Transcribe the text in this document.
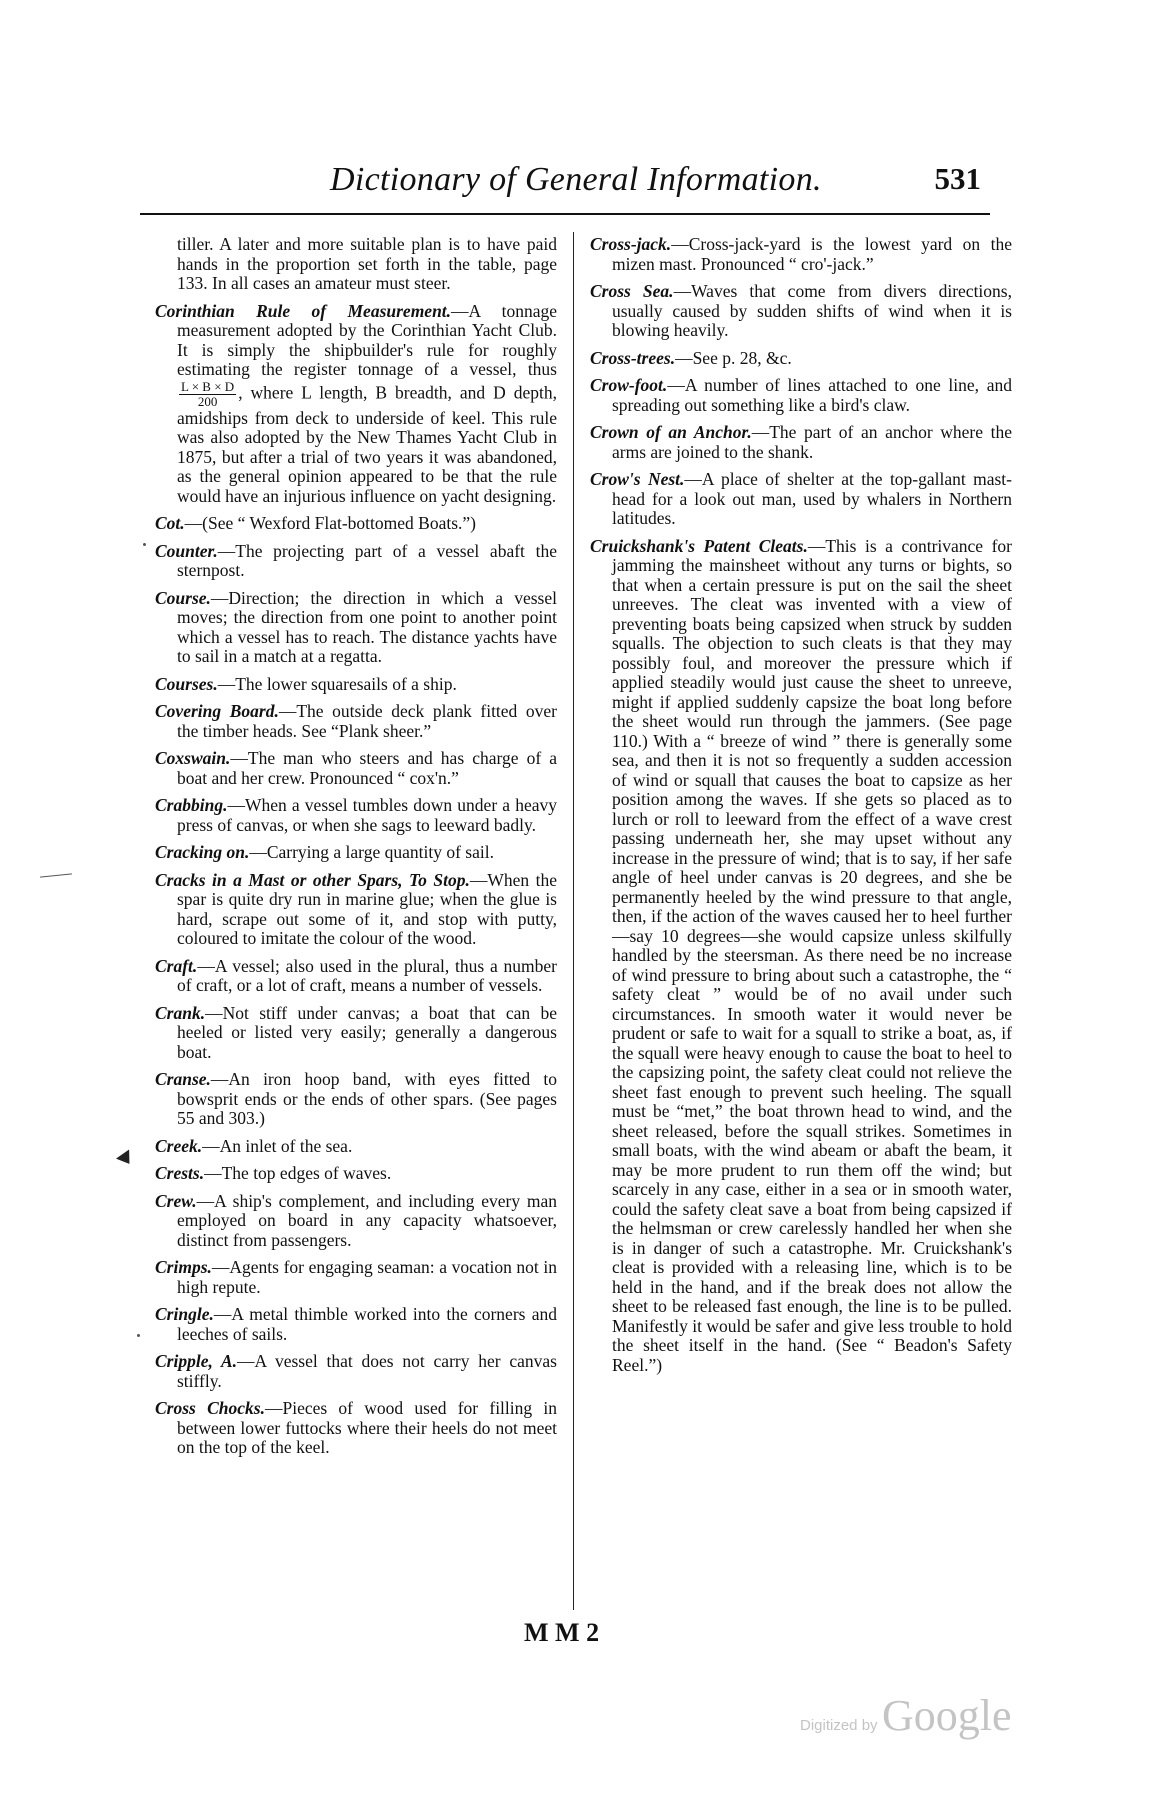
Dictionary of General Information.	531

tiller. A later and more suitable plan is to have paid hands in the proportion set forth in the table, page 133. In all cases an amateur must steer.

Corinthian Rule of Measurement.—A tonnage measurement adopted by the Corinthian Yacht Club. It is simply the shipbuilder's rule for roughly estimating the register tonnage of a vessel, thus
$\frac{L \times B \times D}{200}$ , where L length, B breadth, and D depth, amidships from deck to underside of keel. This rule was also adopted by the New Thames Yacht Club in 1875, but after a trial of two years it was abandoned, as the general opinion appeared to be that the rule would have an injurious influence on yacht designing.

Cot.—(See “ Wexford Flat-bottomed Boats.”)

Counter.—The projecting part of a vessel abaft the sternpost.

Course.—Direction; the direction in which a vessel moves; the direction from one point to another point which a vessel has to reach. The distance yachts have to sail in a match at a regatta.

Courses.—The lower squaresails of a ship.

Covering Board.—The outside deck plank fitted over the timber heads. See “Plank sheer.”

Coxswain.—The man who steers and has charge of a boat and her crew. Pronounced “ cox'n.”

Crabbing.—When a vessel tumbles down under a heavy press of canvas, or when she sags to leeward badly.

Cracking on.—Carrying a large quantity of sail.

Cracks in a Mast or other Spars, To Stop.—When the spar is quite dry run in marine glue; when the glue is hard, scrape out some of it, and stop with putty, coloured to imitate the colour of the wood.

Craft.—A vessel; also used in the plural, thus a number of craft, or a lot of craft, means a number of vessels.

Crank.—Not stiff under canvas; a boat that can be heeled or listed very easily; generally a dangerous boat.

Cranse.—An iron hoop band, with eyes fitted to bowsprit ends or the ends of other spars. (See pages 55 and 303.)

Creek.—An inlet of the sea.

Crests.—The top edges of waves.

Crew.—A ship's complement, and including every man employed on board in any capacity whatsoever, distinct from passengers.

Crimps.—Agents for engaging seaman: a vocation not in high repute.

Cringle.—A metal thimble worked into the corners and leeches of sails.

Cripple, A.—A vessel that does not carry her canvas stiffly.

Cross Chocks.—Pieces of wood used for filling in between lower futtocks where their heels do not meet on the top of the keel.

Cross-jack.—Cross-jack-yard is the lowest yard on the mizen mast. Pronounced “ cro'-jack.”

Cross Sea.—Waves that come from divers directions, usually caused by sudden shifts of wind when it is blowing heavily.

Cross-trees.—See p. 28, &c.

Crow-foot.—A number of lines attached to one line, and spreading out something like a bird's claw.

Crown of an Anchor.—The part of an anchor where the arms are joined to the shank.

Crow's Nest.—A place of shelter at the top-gallant mast-head for a look out man, used by whalers in Northern latitudes.

Cruickshank's Patent Cleats.—This is a contrivance for jamming the mainsheet without any turns or bights, so that when a certain pressure is put on the sail the sheet unreeves. The cleat was invented with a view of preventing boats being capsized when struck by sudden squalls. The objection to such cleats is that they may possibly foul, and moreover the pressure which if applied steadily would just cause the sheet to unreeve, might if applied suddenly capsize the boat long before the sheet would run through the jammers. (See page 110.) With a “ breeze of wind ” there is generally some sea, and then it is not so frequently a sudden accession of wind or squall that causes the boat to capsize as her position among the waves. If she gets so placed as to lurch or roll to leeward from the effect of a wave crest passing underneath her, she may upset without any increase in the pressure of wind; that is to say, if her safe angle of heel under canvas is 20 degrees, and she be permanently heeled by the wind pressure to that angle, then, if the action of the waves caused her to heel further—say 10 degrees—she would capsize unless skilfully handled by the steersman. As there need be no increase of wind pressure to bring about such a catastrophe, the “ safety cleat ” would be of no avail under such circumstances. In smooth water it would never be prudent or safe to wait for a squall to strike a boat, as, if the squall were heavy enough to cause the boat to heel to the capsizing point, the safety cleat could not relieve the sheet fast enough to prevent such heeling. The squall must be “met,” the boat thrown head to wind, and the sheet released, before the squall strikes. Sometimes in small boats, with the wind abeam or abaft the beam, it may be more prudent to run them off the wind; but scarcely in any case, either in a sea or in smooth water, could the safety cleat save a boat from being capsized if the helmsman or crew carelessly handled her when she is in danger of such a catastrophe. Mr. Cruickshank's cleat is provided with a releasing line, which is to be held in the hand, and if the break does not allow the sheet to be released fast enough, the line is to be pulled. Manifestly it would be safer and give less trouble to hold the sheet itself in the hand. (See “ Beadon's Safety Reel.”)

M M 2
Digitized by Google
